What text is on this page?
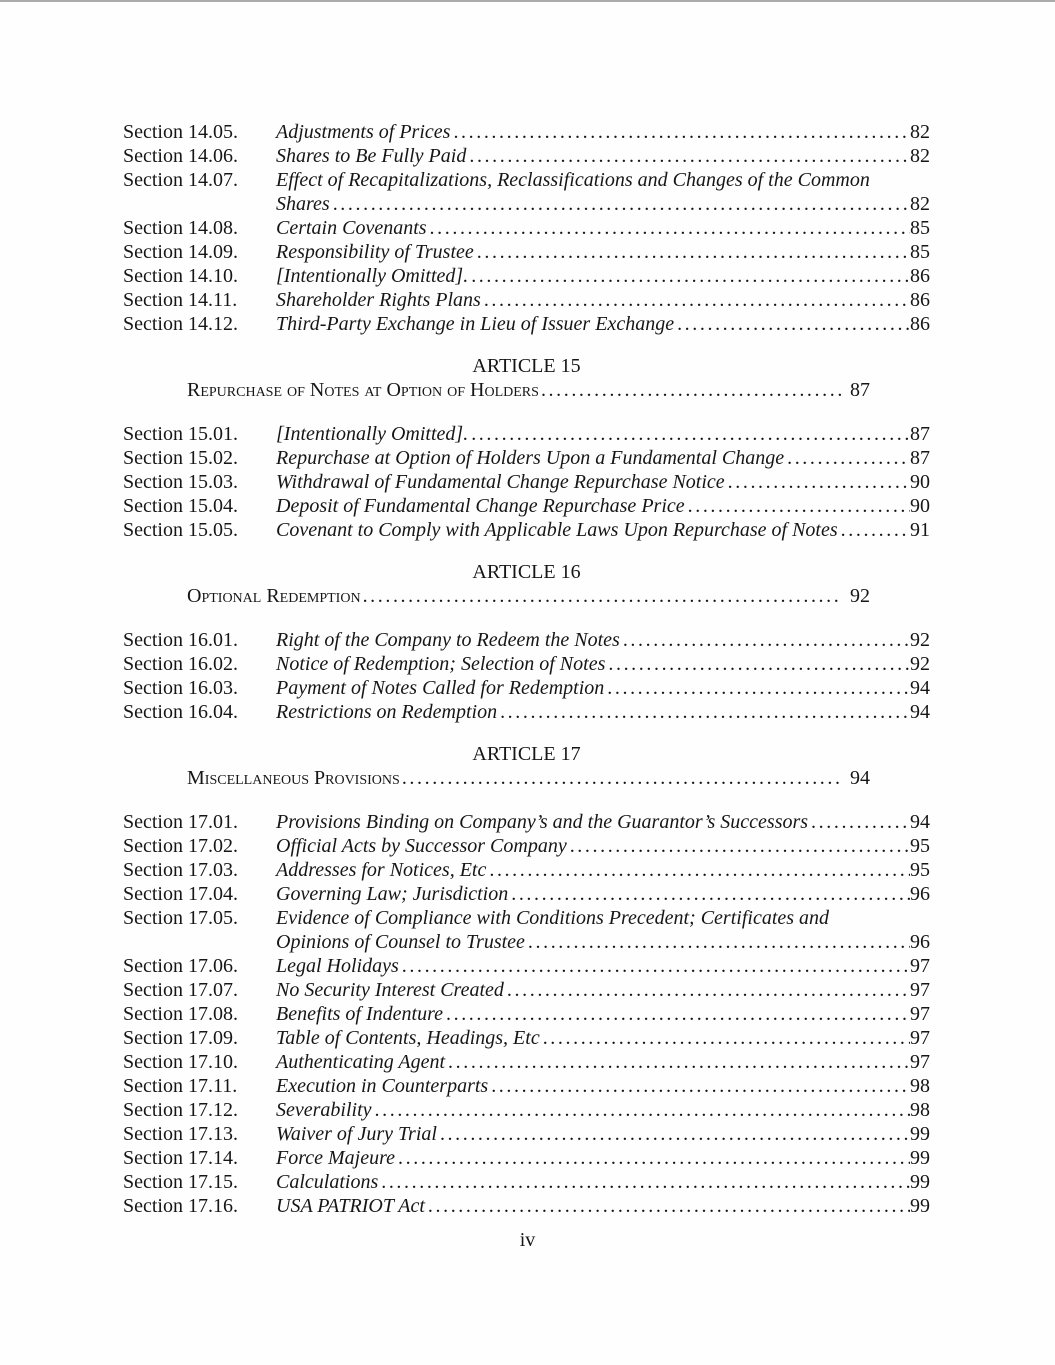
Section 14.05.	Adjustments of Prices .....	82
Section 14.06.	Shares to Be Fully Paid .....	82
Section 14.07.	Effect of Recapitalizations, Reclassifications and Changes of the Common
Shares .....	82
Section 14.08.	Certain Covenants .....	85
Section 14.09.	Responsibility of Trustee .....	85
Section 14.10.	[Intentionally Omitted]. .....	86
Section 14.11.	Shareholder Rights Plans .....	86
Section 14.12.	Third-Party Exchange in Lieu of Issuer Exchange .....	86
ARTICLE 15
Repurchase of Notes at Option of Holders .....	87
Section 15.01.	[Intentionally Omitted]. .....	87
Section 15.02.	Repurchase at Option of Holders Upon a Fundamental Change .....	87
Section 15.03.	Withdrawal of Fundamental Change Repurchase Notice .....	90
Section 15.04.	Deposit of Fundamental Change Repurchase Price .....	90
Section 15.05.	Covenant to Comply with Applicable Laws Upon Repurchase of Notes .....	91
ARTICLE 16
Optional Redemption .....	92
Section 16.01.	Right of the Company to Redeem the Notes .....	92
Section 16.02.	Notice of Redemption; Selection of Notes .....	92
Section 16.03.	Payment of Notes Called for Redemption .....	94
Section 16.04.	Restrictions on Redemption .....	94
ARTICLE 17
Miscellaneous Provisions .....	94
Section 17.01.	Provisions Binding on Company’s and the Guarantor’s Successors .....	94
Section 17.02.	Official Acts by Successor Company .....	95
Section 17.03.	Addresses for Notices, Etc .....	95
Section 17.04.	Governing Law; Jurisdiction .....	96
Section 17.05.	Evidence of Compliance with Conditions Precedent; Certificates and
Opinions of Counsel to Trustee .....	96
Section 17.06.	Legal Holidays .....	97
Section 17.07.	No Security Interest Created .....	97
Section 17.08.	Benefits of Indenture .....	97
Section 17.09.	Table of Contents, Headings, Etc .....	97
Section 17.10.	Authenticating Agent .....	97
Section 17.11.	Execution in Counterparts .....	98
Section 17.12.	Severability .....	98
Section 17.13.	Waiver of Jury Trial .....	99
Section 17.14.	Force Majeure .....	99
Section 17.15.	Calculations .....	99
Section 17.16.	USA PATRIOT Act .....	99
iv
